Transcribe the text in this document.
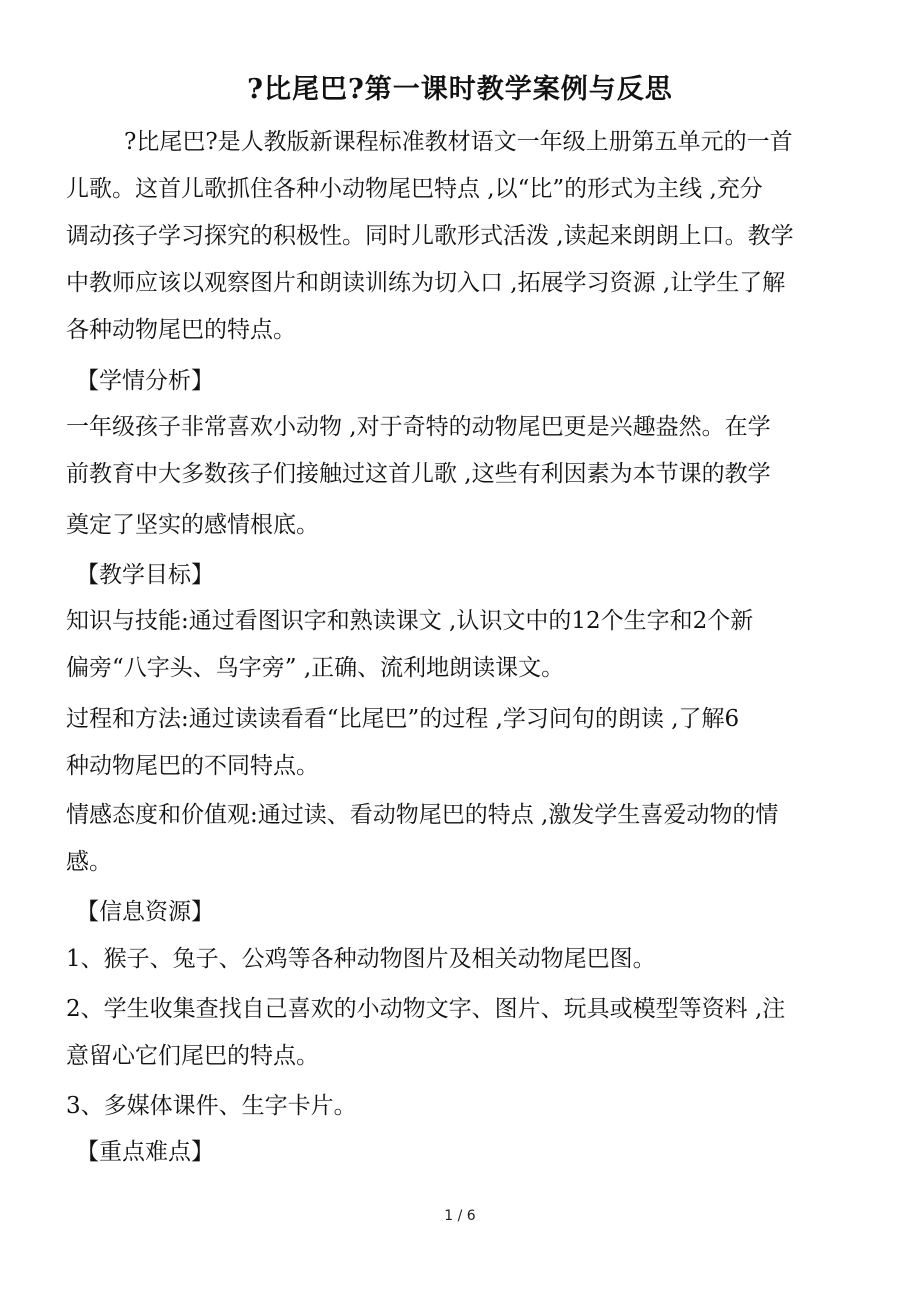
?比尾巴?第一课时教学案例与反思
?比尾巴?是人教版新课程标准教材语文一年级上册第五单元的一首
儿歌。这首儿歌抓住各种小动物尾巴特点 ,以“比”的形式为主线 ,充分
调动孩子学习探究的积极性。同时儿歌形式活泼 ,读起来朗朗上口。教学
中教师应该以观察图片和朗读训练为切入口 ,拓展学习资源 ,让学生了解
各种动物尾巴的特点。
【学情分析】
一年级孩子非常喜欢小动物 ,对于奇特的动物尾巴更是兴趣盎然。在学
前教育中大多数孩子们接触过这首儿歌 ,这些有利因素为本节课的教学
奠定了坚实的感情根底。
【教学目标】
知识与技能:通过看图识字和熟读课文 ,认识文中的12个生字和2个新
偏旁“八字头、鸟字旁” ,正确、流利地朗读课文。
过程和方法:通过读读看看“比尾巴”的过程 ,学习问句的朗读 ,了解6
种动物尾巴的不同特点。
情感态度和价值观:通过读、看动物尾巴的特点 ,激发学生喜爱动物的情
感。
【信息资源】
1、猴子、兔子、公鸡等各种动物图片及相关动物尾巴图。
2、学生收集查找自己喜欢的小动物文字、图片、玩具或模型等资料 ,注
意留心它们尾巴的特点。
3、多媒体课件、生字卡片。
【重点难点】
1 / 6
